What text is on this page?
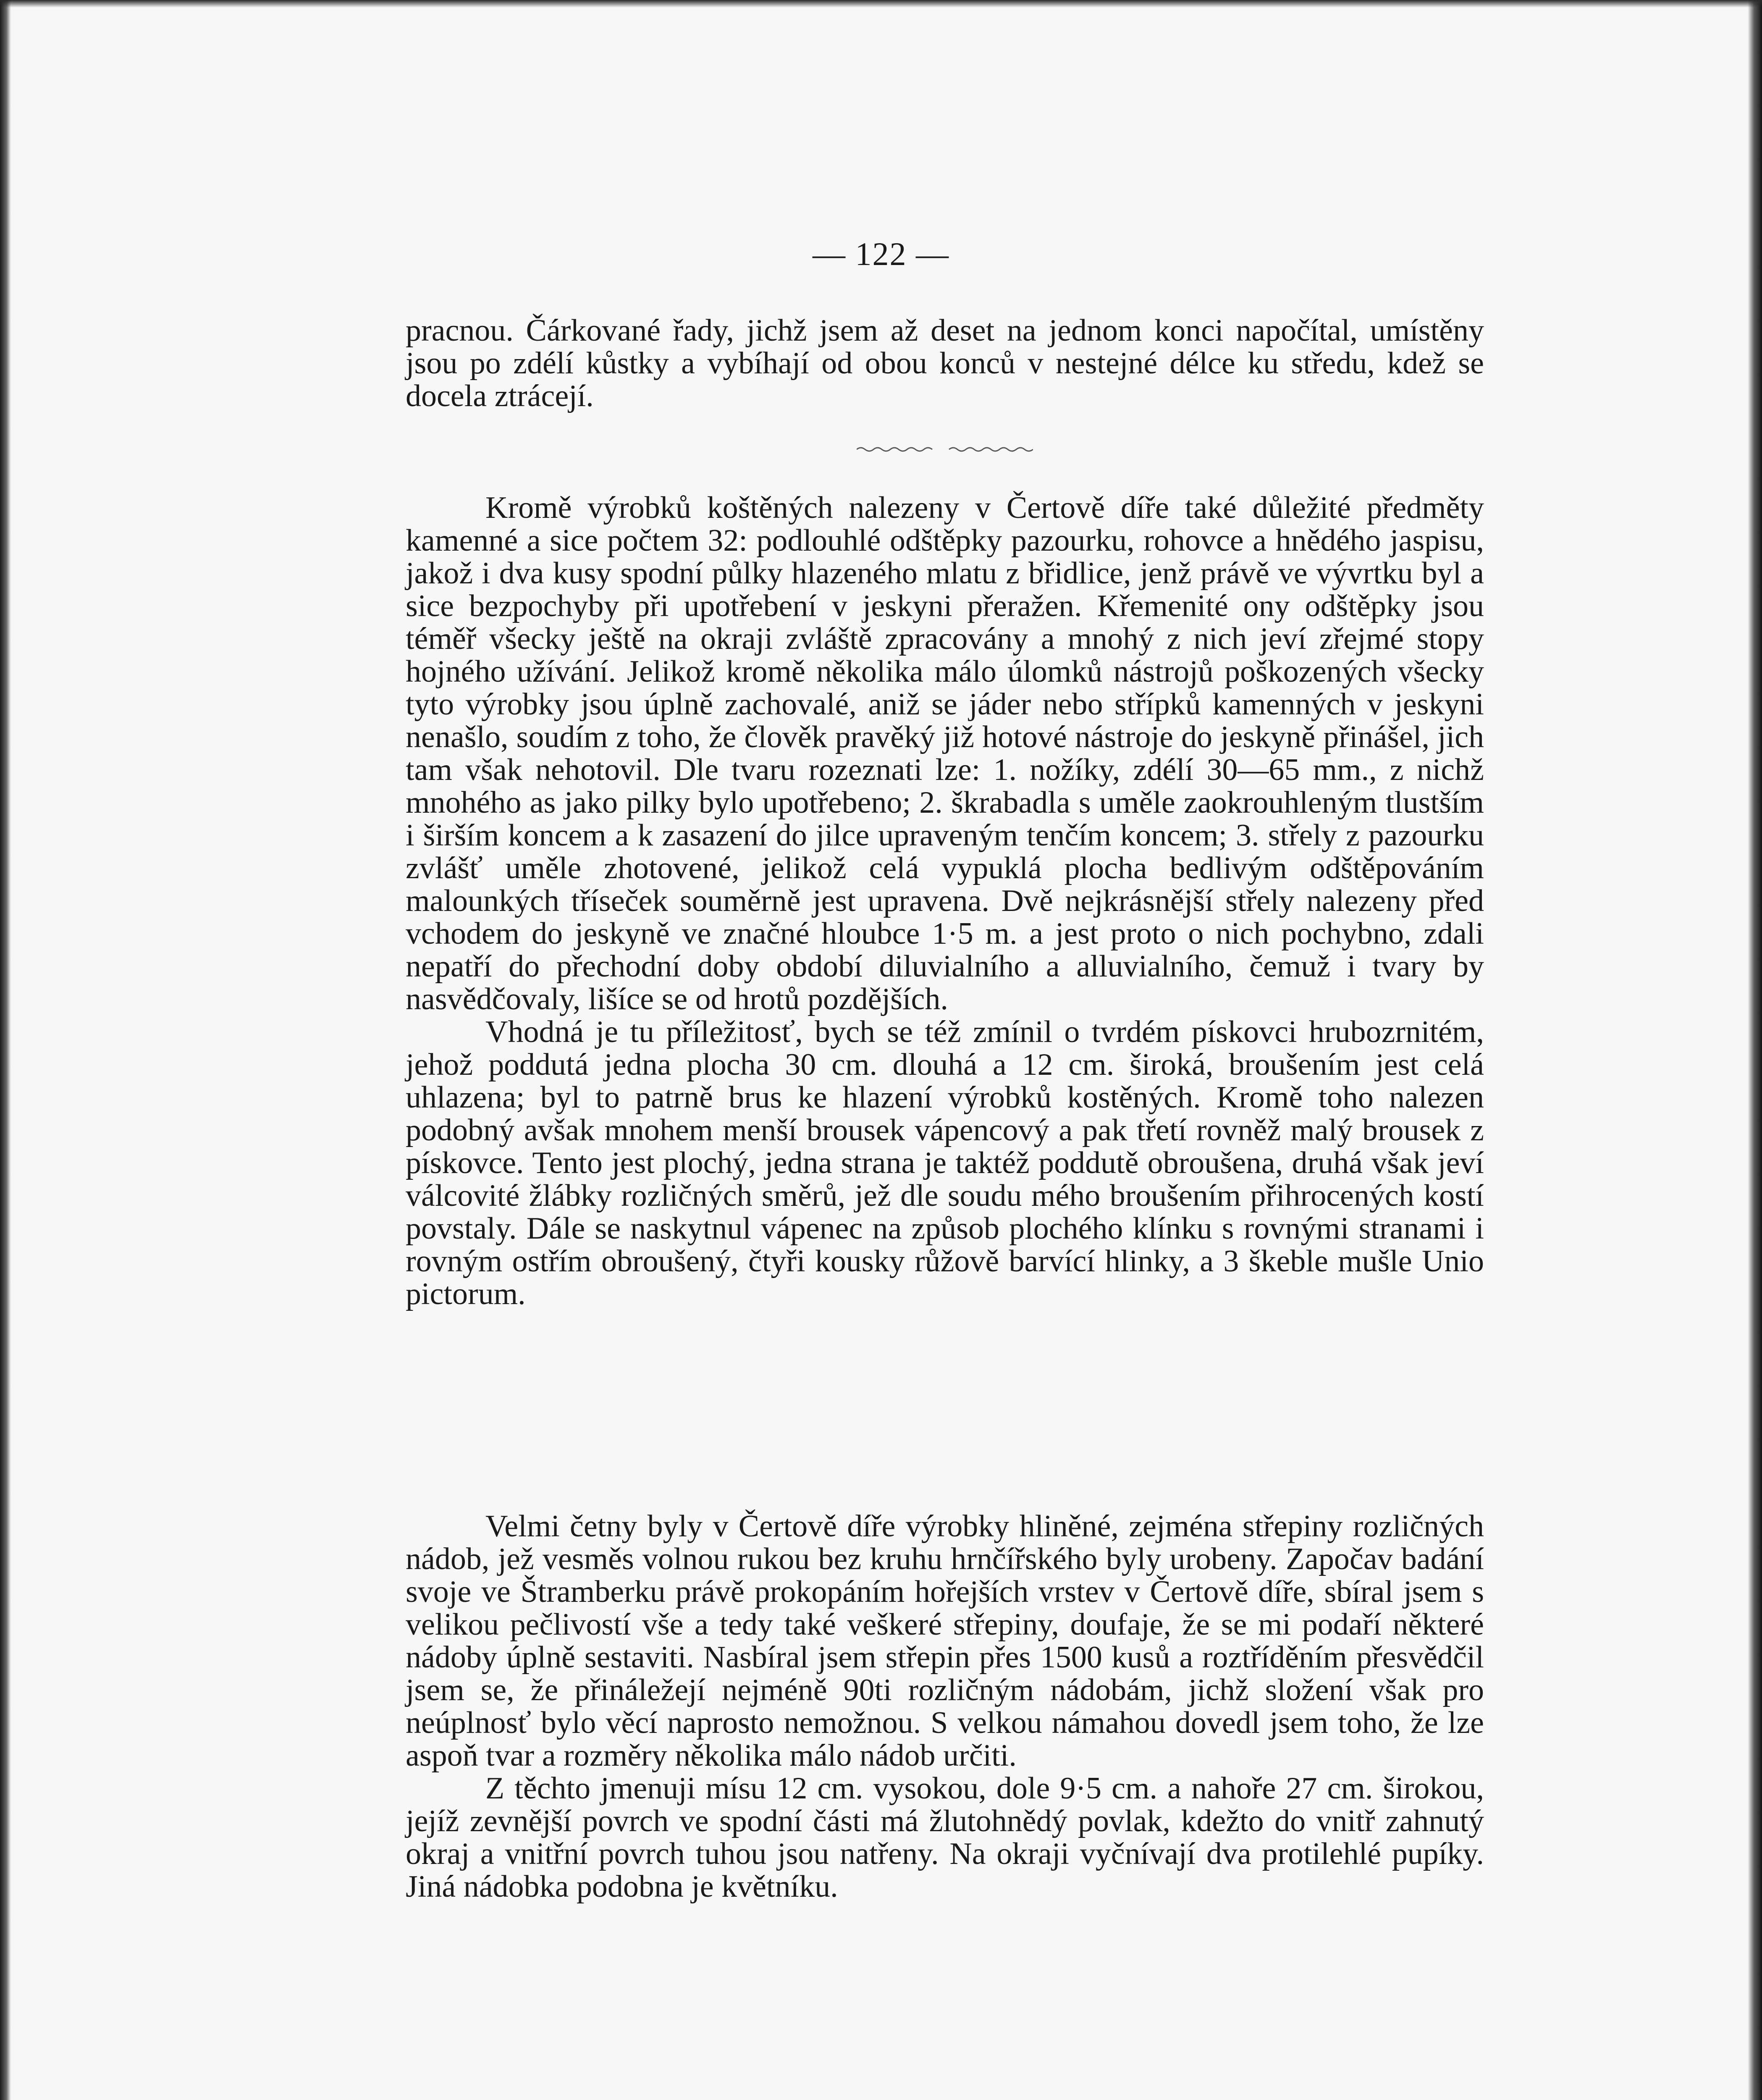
— 122 —

pracnou. Čárkované řady, jichž jsem až deset na jednom konci napočítal, umístěny jsou po zdélí kůstky a vybíhají od obou konců v nestejné délce ku středu, kdež se docela ztrácejí.

Kromě výrobků koštěných nalezeny v Čertově díře také důležité předměty kamenné a sice počtem 32: podlouhlé odštěpky pazourku, rohovce a hnědého jaspisu, jakož i dva kusy spodní půlky hlazeného mlatu z břidlice, jenž právě ve vývrtku byl a sice bezpochyby při upotřebení v jeskyni přeražen. Křemenité ony odštěpky jsou téměř všecky ještě na okraji zvláště zpracovány a mnohý z nich jeví zřejmé stopy hojného užívání. Jelikož kromě několika málo úlomků nástrojů poškozených všecky tyto výrobky jsou úplně zachovalé, aniž se jáder nebo střípků kamenných v jeskyni nenašlo, soudím z toho, že člověk pravěký již hotové nástroje do jeskyně přinášel, jich tam však nehotovil. Dle tvaru rozeznati lze: 1. nožíky, zdélí 30—65 mm., z nichž mnohého as jako pilky bylo upotřebeno; 2. škrabadla s uměle zaokrouhleným tlustším i širším koncem a k zasazení do jilce upraveným tenčím koncem; 3. střely z pazourku zvlášť uměle zhotovené, jelikož celá vypuklá plocha bedlivým odštěpováním malounkých třísеček souměrně jest upravena. Dvě nejkrásnější střely nalezeny před vchodem do jeskyně ve značné hloubce 1·5 m. a jest proto o nich pochybno, zdali nepatří do přechodní doby období diluvialního a alluvialního, čemuž i tvary by nasvědčovaly, lišíce se od hrotů pozdějších.

Vhodná je tu příležitosť, bych se též zmínil o tvrdém pískovci hrubozrnitém, jehož poddutá jedna plocha 30 cm. dlouhá a 12 cm. široká, broušením jest celá uhlazena; byl to patrně brus ke hlazení výrobků kostěných. Kromě toho nalezen podobný avšak mnohem menší brousek vápencový a pak třetí rovněž malý brousek z pískovce. Tento jest plochý, jedna strana je taktéž poddutě obroušena, druhá však jeví válcovité žlábky rozličných směrů, jež dle soudu mého broušením přihrocených kostí povstaly. Dále se naskytnul vápenec na způsob plochého klínku s rovnými stranami i rovným ostřím obroušený, čtyři kousky růžově barvící hlinky, a 3 škeble mušle Unio pictorum.

Velmi četny byly v Čertově díře výrobky hliněné, zejména střepiny rozličných nádob, jež vesměs volnou rukou bez kruhu hrnčířského byly urobeny. Započav badání svoje ve Štramberku právě prokopáním hořejších vrstev v Čertově díře, sbíral jsem s velikou pečlivostí vše a tedy také veškeré střepiny, doufaje, že se mi podaří některé nádoby úplně sestaviti. Nasbíral jsem střepin přes 1500 kusů a roztříděním přesvědčil jsem se, že přináležejí nejméně 90ti rozličným nádobám, jichž složení však pro neúplnosť bylo věcí naprosto nemožnou. S velkou námahou dovedl jsem toho, že lze aspoň tvar a rozměry několika málo nádob určiti.

Z těchto jmenuji mísu 12 cm. vysokou, dole 9·5 cm. a nahoře 27 cm. širokou, jejíž zevnější povrch ve spodní části má žlutohnědý povlak, kdežto do vnitř zahnutý okraj a vnitřní povrch tuhou jsou natřeny. Na okraji vyčnívají dva protilehlé pupíky. Jiná nádobka podobna je květníku.
